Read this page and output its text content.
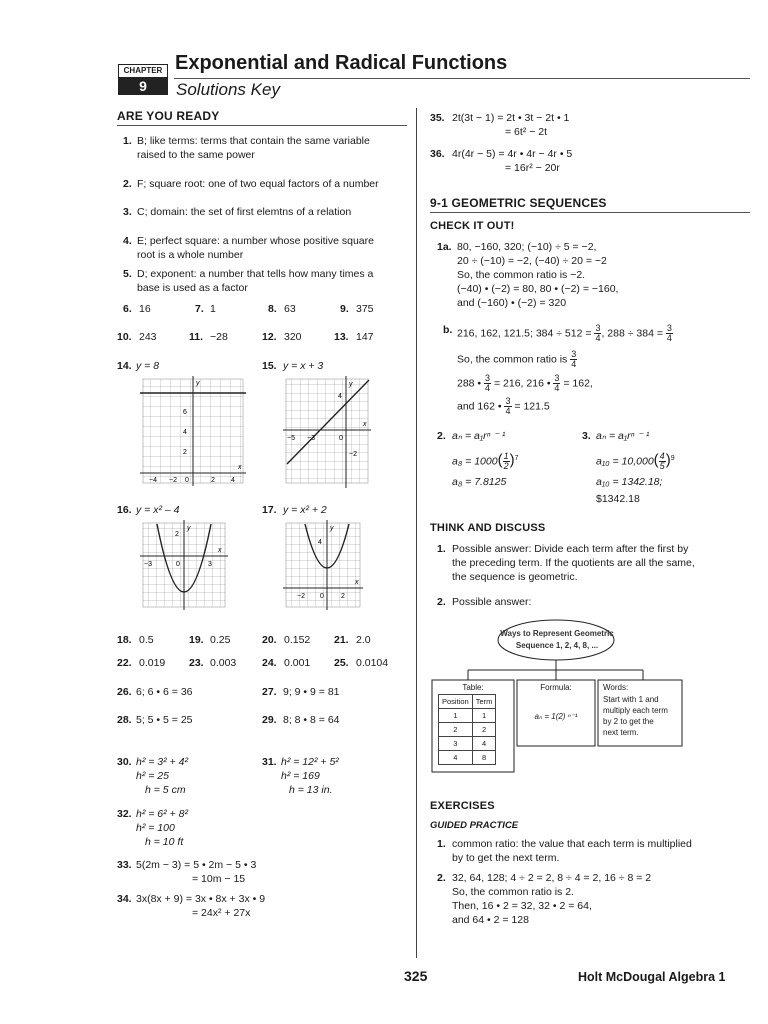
CHAPTER
9
Exponential and Radical Functions
Solutions Key
ARE YOU READY
1. B; like terms: terms that contain the same variable
raised to the same power
2. F; square root: one of two equal factors of a number
3. C; domain: the set of first elemtns of a relation
4. E; perfect square: a number whose positive square
root is a whole number
5. D; exponent: a number that tells how many times a
base is used as a factor
6. 16	7. 1	8. 63	9. 375
10. 243	11. −28	12. 320	13. 147
14. y = 8	15. y = x + 3
y
x
6
4
2
−4 −2 0	2 4
y
x
4
−5 −3	0
−2
16. y = x² – 4	17. y = x² + 2
y
x
2
−3	0	3
y
x
4
−2 0 2
18. 0.5	19. 0.25	20. 0.152 21. 2.0
22. 0.019 23. 0.003 24. 0.001 25. 0.0104
26. 6; 6 • 6 = 36	27. 9; 9 • 9 = 81
28. 5; 5 • 5 = 25	29. 8; 8 • 8 = 64
30. h² = 3² + 4²
h² = 25
h = 5 cm
31. h² = 12² + 5²
h² = 169
h = 13 in.
32. h² = 6² + 8²
h² = 100
h = 10 ft
33. 5(2m − 3) = 5 • 2m − 5 • 3
= 10m − 15
34. 3x(8x + 9) = 3x • 8x + 3x • 9
= 24x² + 27x
35. 2t(3t − 1) = 2t • 3t − 2t • 1
= 6t² − 2t
36. 4r(4r − 5) = 4r • 4r − 4r • 5
= 16r² − 20r
9-1 GEOMETRIC SEQUENCES
CHECK IT OUT!
1a. 80, −160, 320; (−10) ÷ 5 = −2,
20 ÷ (−10) = −2, (−40) ÷ 20 = −2
So, the common ratio is −2.
(−40) • (−2) = 80, 80 • (−2) = −160,
and (−160) • (−2) = 320
b. 216, 162, 121.5; $384 \div 512 = \frac{3}{4}$ , $288 \div 384 = \frac{3}{4}$
So, the common ratio is $\frac{3}{4}$
288 • $\frac{3}{4} = 216$, 216 • $\frac{3}{4} = 162$,
and 162 • $\frac{3}{4} = 121.5$
2. aₙ = a₁rⁿ ⁻ ¹
$a_8 = 1000( \frac{1}{2} )^7$
a₈ = 7.8125
3. aₙ = a₁rⁿ ⁻ ¹
$a_{10} = 10,000( \frac{4}{5} )^9$
a₁₀ = 1342.18;
$1342.18
THINK AND DISCUSS
1. Possible answer: Divide each term after the first by
the preceding term. If the quotients are all the same,
the sequence is geometric.
2. Possible answer:
Ways to Represent Geometric
Sequence 1, 2, 4, 8, ...
Table:
Position	Term
1	1
2	2
3	4
4	8
Formula:
aₙ = 1(2) ⁿ⁻¹
Words:
Start with 1 and
multiply each term
by 2 to get the
next term.
EXERCISES
GUIDED PRACTICE
1. common ratio: the value that each term is multiplied
by to get the next term.
2. 32, 64, 128; 4 ÷ 2 = 2, 8 ÷ 4 = 2, 16 ÷ 8 = 2
So, the common ratio is 2.
Then, 16 • 2 = 32, 32 • 2 = 64,
and 64 • 2 = 128
325	Holt McDougal Algebra 1
